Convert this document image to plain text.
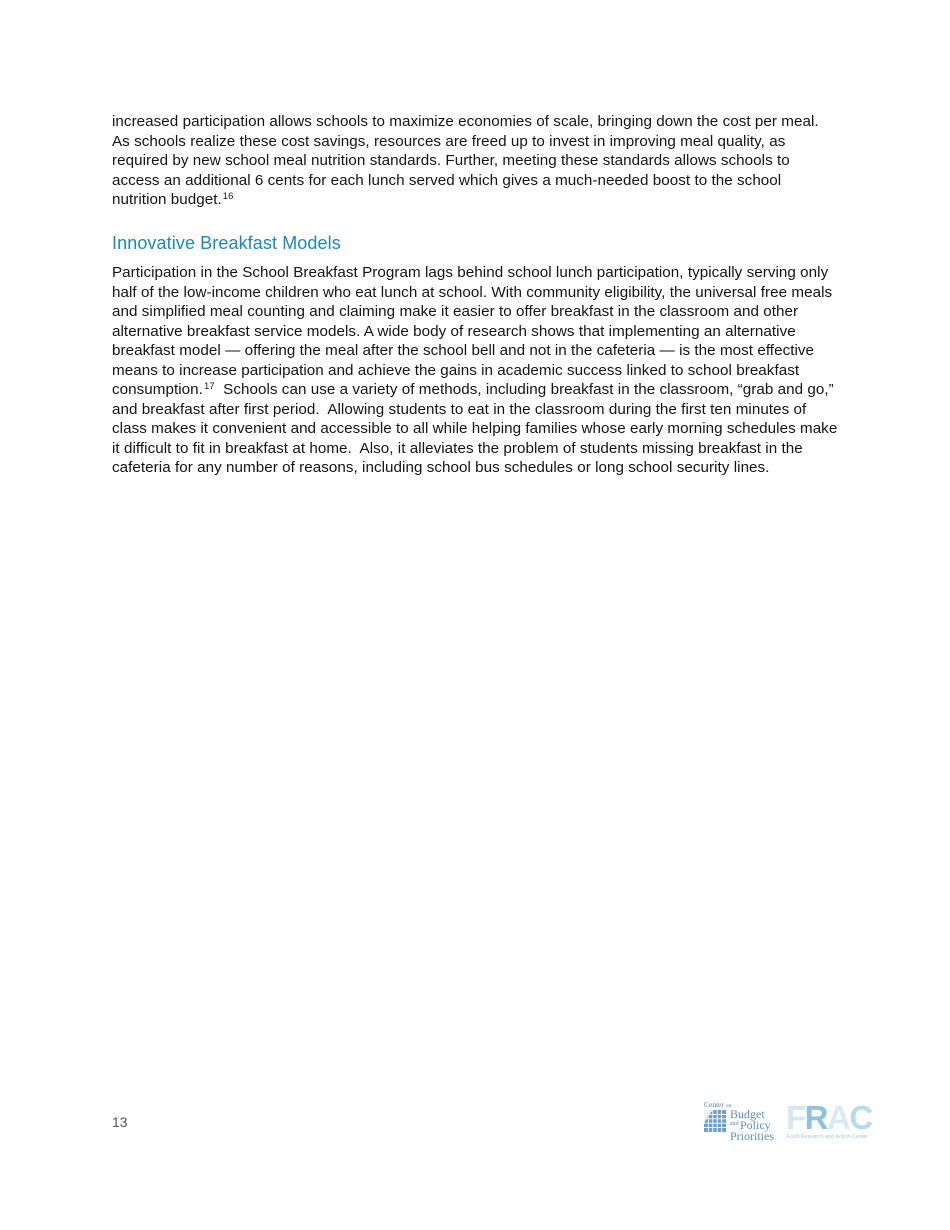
increased participation allows schools to maximize economies of scale, bringing down the cost per meal. As schools realize these cost savings, resources are freed up to invest in improving meal quality, as required by new school meal nutrition standards. Further, meeting these standards allows schools to access an additional 6 cents for each lunch served which gives a much-needed boost to the school nutrition budget.$^{16}$

Innovative Breakfast Models

Participation in the School Breakfast Program lags behind school lunch participation, typically serving only half of the low-income children who eat lunch at school. With community eligibility, the universal free meals and simplified meal counting and claiming make it easier to offer breakfast in the classroom and other alternative breakfast service models. A wide body of research shows that implementing an alternative breakfast model — offering the meal after the school bell and not in the cafeteria — is the most effective means to increase participation and achieve the gains in academic success linked to school breakfast consumption.$^{17}$  Schools can use a variety of methods, including breakfast in the classroom, “grab and go,” and breakfast after first period.  Allowing students to eat in the classroom during the first ten minutes of class makes it convenient and accessible to all while helping families whose early morning schedules make it difficult to fit in breakfast at home.  Also, it alleviates the problem of students missing breakfast in the cafeteria for any number of reasons, including school bus schedules or long school security lines.

13
Center on
Budget
and Policy
Priorities FRAC
Food Research and Action Center
